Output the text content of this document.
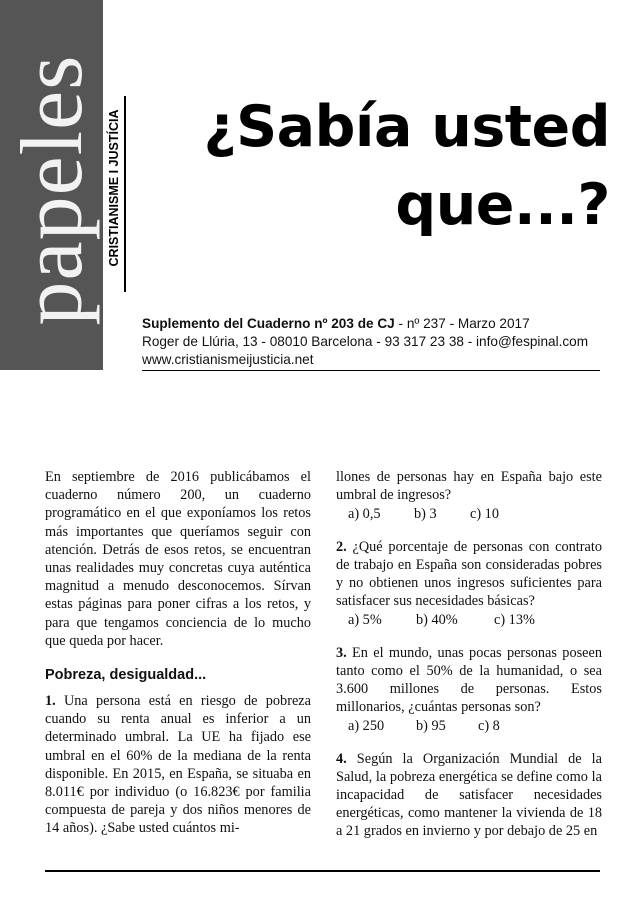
papeles CRISTIANISME I JUSTÍCIA	¿Sabía usted que...?
Suplemento del Cuaderno nº 203 de CJ - nº 237 - Marzo 2017
Roger de Llúria, 13 - 08010 Barcelona - 93 317 23 38 - info@fespinal.com
www.cristianismeijusticia.net

En septiembre de 2016 publicábamos el cuaderno número 200, un cuaderno programático en el que exponíamos los retos más importantes que queríamos seguir con atención. Detrás de esos retos, se encuentran unas realidades muy concretas cuya auténtica magnitud a menudo desconocemos. Sírvan estas páginas para poner cifras a los retos, y para que tengamos conciencia de lo mucho que queda por hacer.

Pobreza, desigualdad...

1. Una persona está en riesgo de pobreza cuando su renta anual es inferior a un determinado umbral. La UE ha fijado ese umbral en el 60% de la mediana de la renta disponible. En 2015, en España, se situaba en 8.011€ por individuo (o 16.823€ por familia compuesta de pareja y dos niños menores de 14 años). ¿Sabe usted cuántos mi-

llones de personas hay en España bajo este umbral de ingresos?

a) 0,5	b) 3	c) 10

2. ¿Qué porcentaje de personas con contrato de trabajo en España son consideradas pobres y no obtienen unos ingresos suficientes para satisfacer sus necesidades básicas?

a) 5%	b) 40%	c) 13%

3. En el mundo, unas pocas personas poseen tanto como el 50% de la humanidad, o sea 3.600 millones de personas. Estos millonarios, ¿cuántas personas son?

a) 250	b) 95	c) 8

4. Según la Organización Mundial de la Salud, la pobreza energética se define como la incapacidad de satisfacer necesidades energéticas, como mantener la vivienda de 18 a 21 grados en invierno y por debajo de 25 en
